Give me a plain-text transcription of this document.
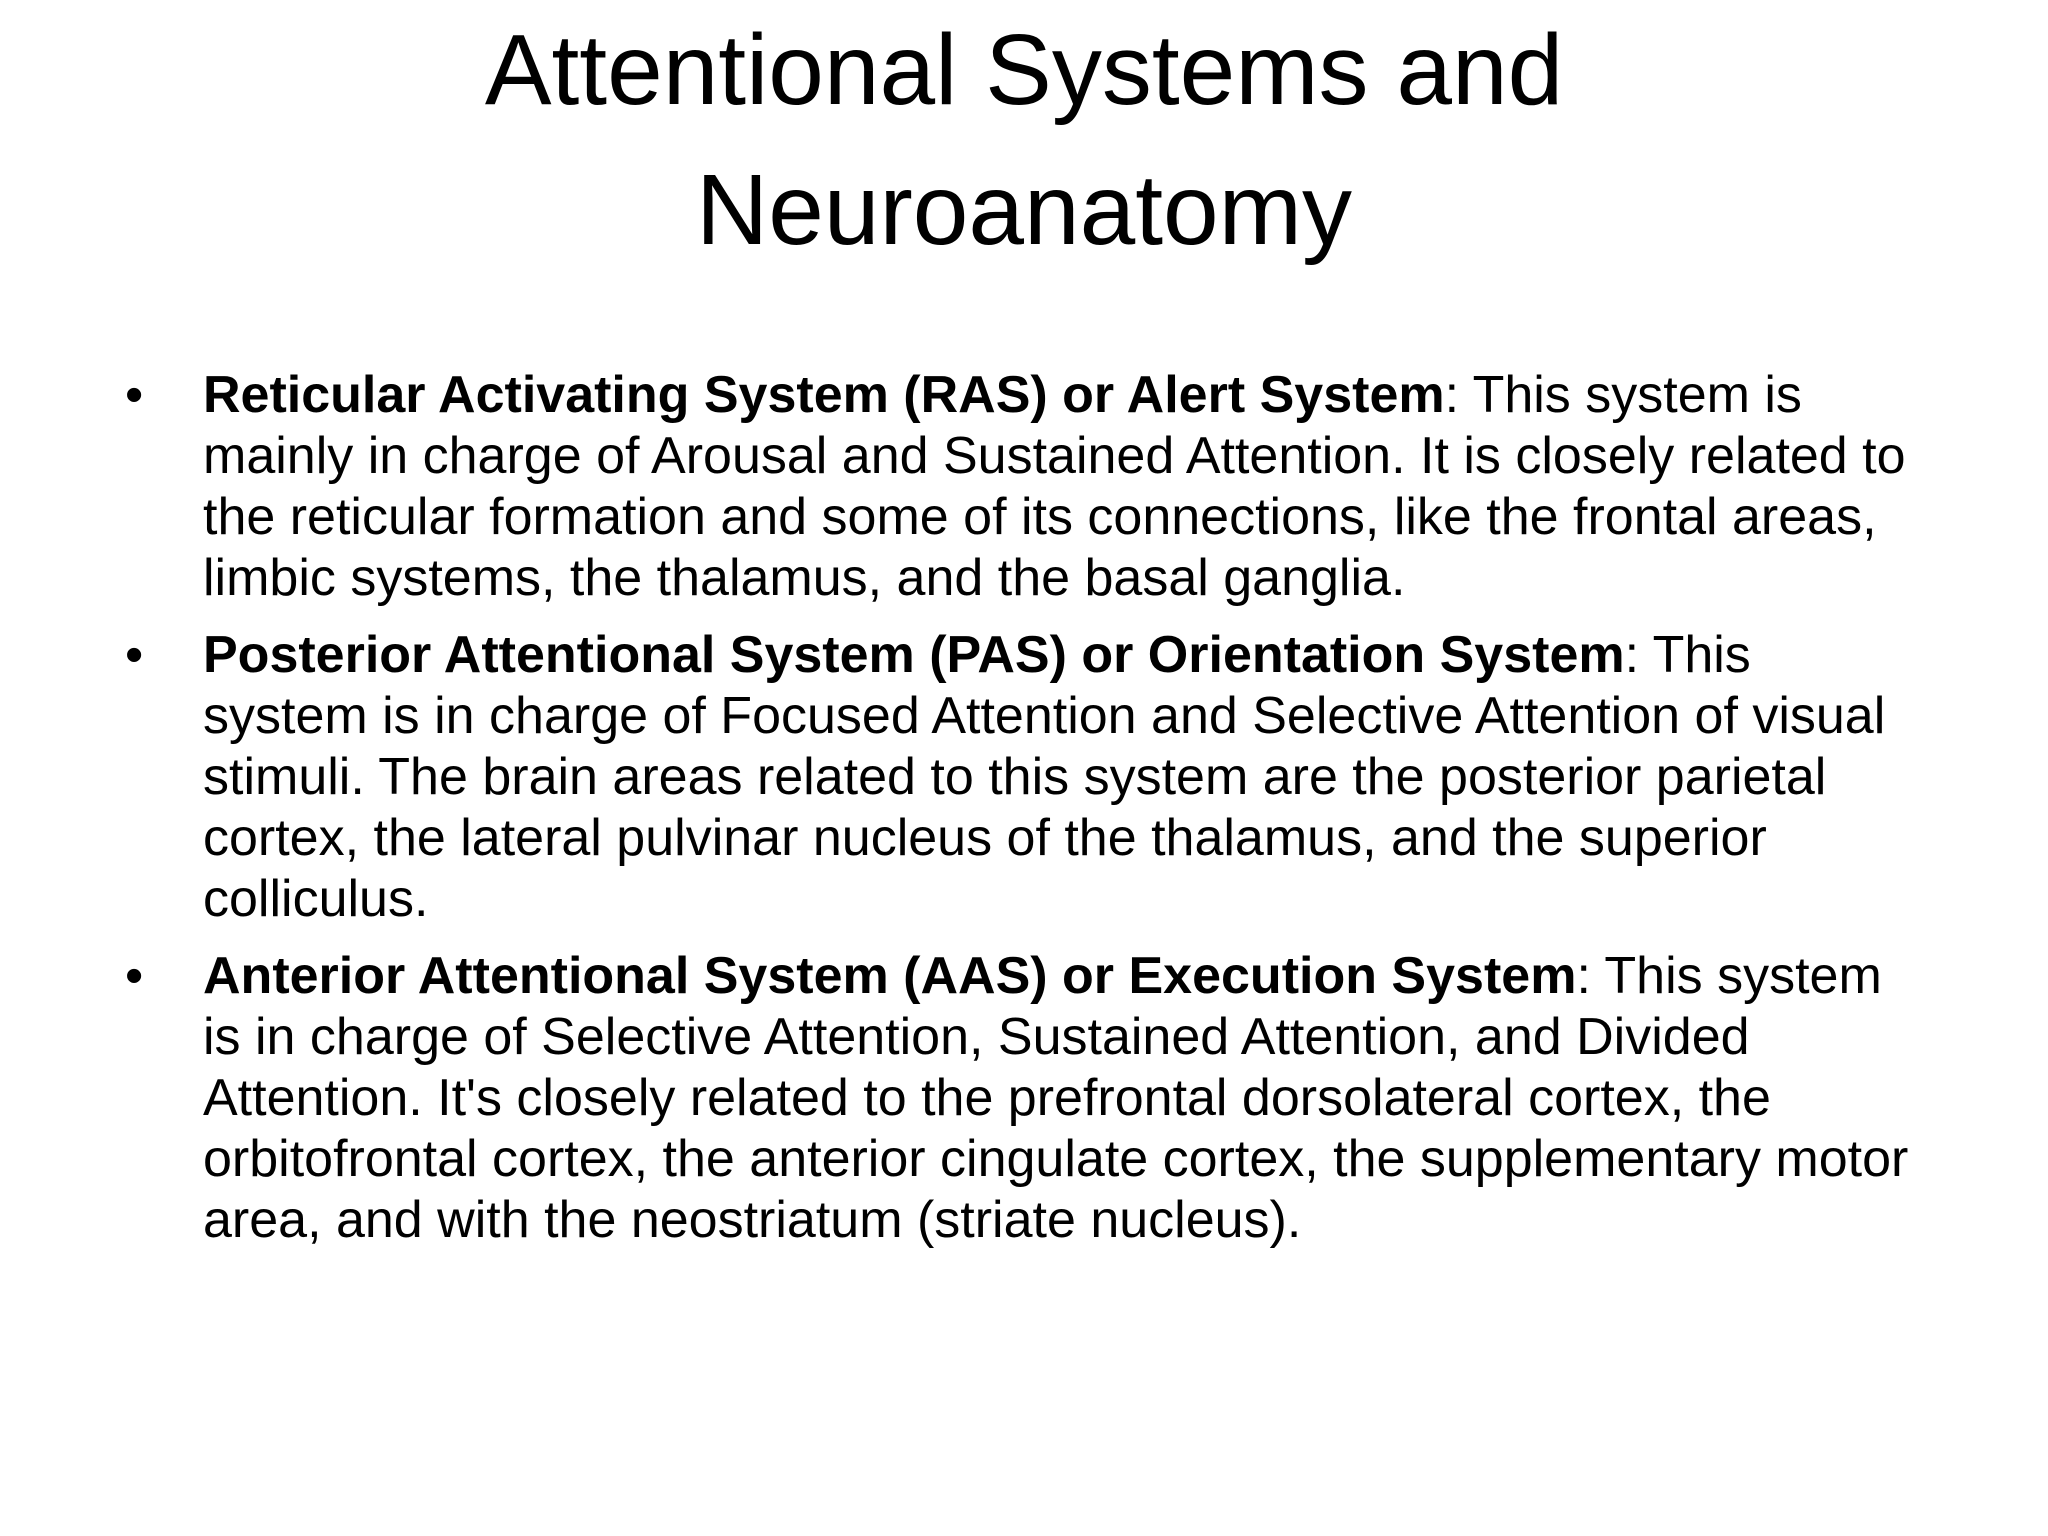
Attentional Systems and
Neuroanatomy
•	Reticular Activating System (RAS) or Alert System: This system is mainly in charge of Arousal and Sustained Attention. It is closely related to the reticular formation and some of its connections, like the frontal areas, limbic systems, the thalamus, and the basal ganglia.
•	Posterior Attentional System (PAS) or Orientation System: This system is in charge of Focused Attention and Selective Attention of visual stimuli. The brain areas related to this system are the posterior parietal cortex, the lateral pulvinar nucleus of the thalamus, and the superior colliculus.
•	Anterior Attentional System (AAS) or Execution System: This system is in charge of Selective Attention, Sustained Attention, and Divided Attention. It's closely related to the prefrontal dorsolateral cortex, the orbitofrontal cortex, the anterior cingulate cortex, the supplementary motor area, and with the neostriatum (striate nucleus).
